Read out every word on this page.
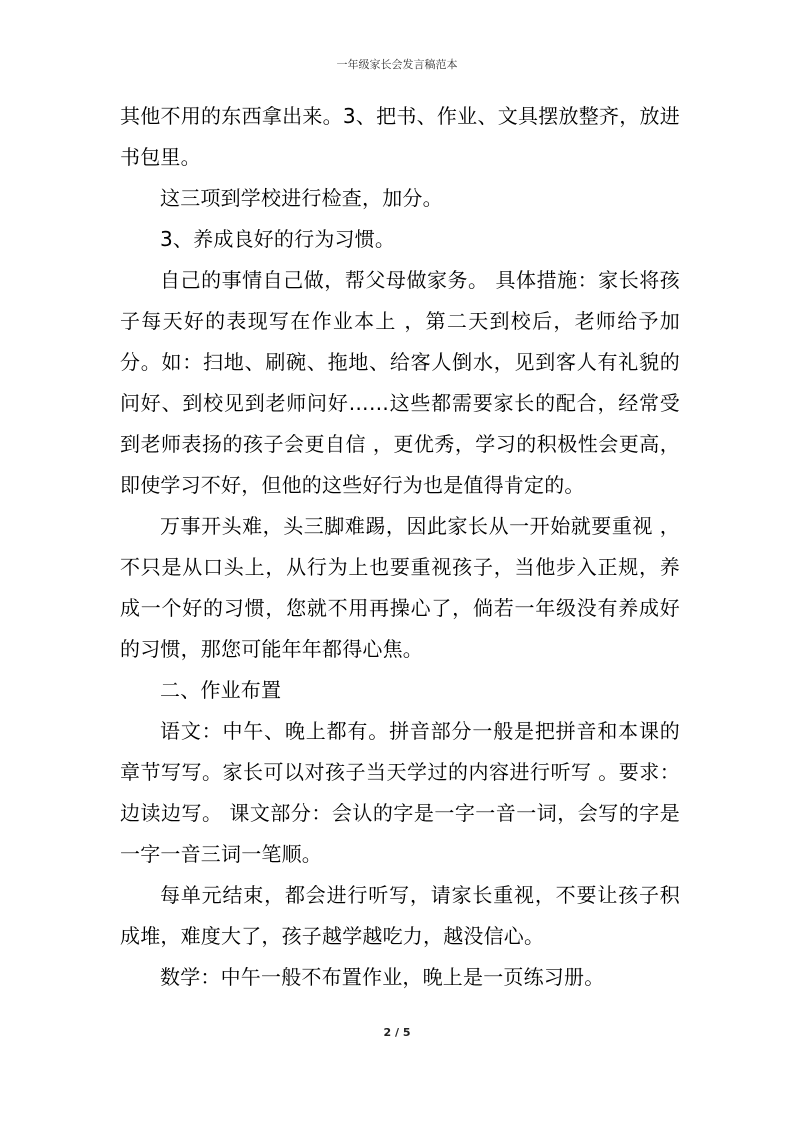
一年级家长会发言稿范本

其他不用的东西拿出来。3、把书、作业、文具摆放整齐，放进书包里。

这三项到学校进行检查，加分。

3、养成良好的行为习惯。

自己的事情自己做，帮父母做家务。 具体措施：家长将孩子每天好的表现写在作业本上 ，第二天到校后，老师给予加分。如：扫地、刷碗、拖地、给客人倒水，见到客人有礼貌的问好、到校见到老师问好……这些都需要家长的配合，经常受到老师表扬的孩子会更自信 ，更优秀，学习的积极性会更高，即使学习不好，但他的这些好行为也是值得肯定的。

万事开头难，头三脚难踢，因此家长从一开始就要重视 ，不只是从口头上，从行为上也要重视孩子，当他步入正规，养成一个好的习惯，您就不用再操心了，倘若一年级没有养成好的习惯，那您可能年年都得心焦。

二、作业布置

语文：中午、晚上都有。拼音部分一般是把拼音和本课的章节写写。家长可以对孩子当天学过的内容进行听写 。要求：边读边写。 课文部分：会认的字是一字一音一词，会写的字是一字一音三词一笔顺。

每单元结束，都会进行听写，请家长重视，不要让孩子积成堆，难度大了，孩子越学越吃力，越没信心。

数学：中午一般不布置作业，晚上是一页练习册。

2 / 5
